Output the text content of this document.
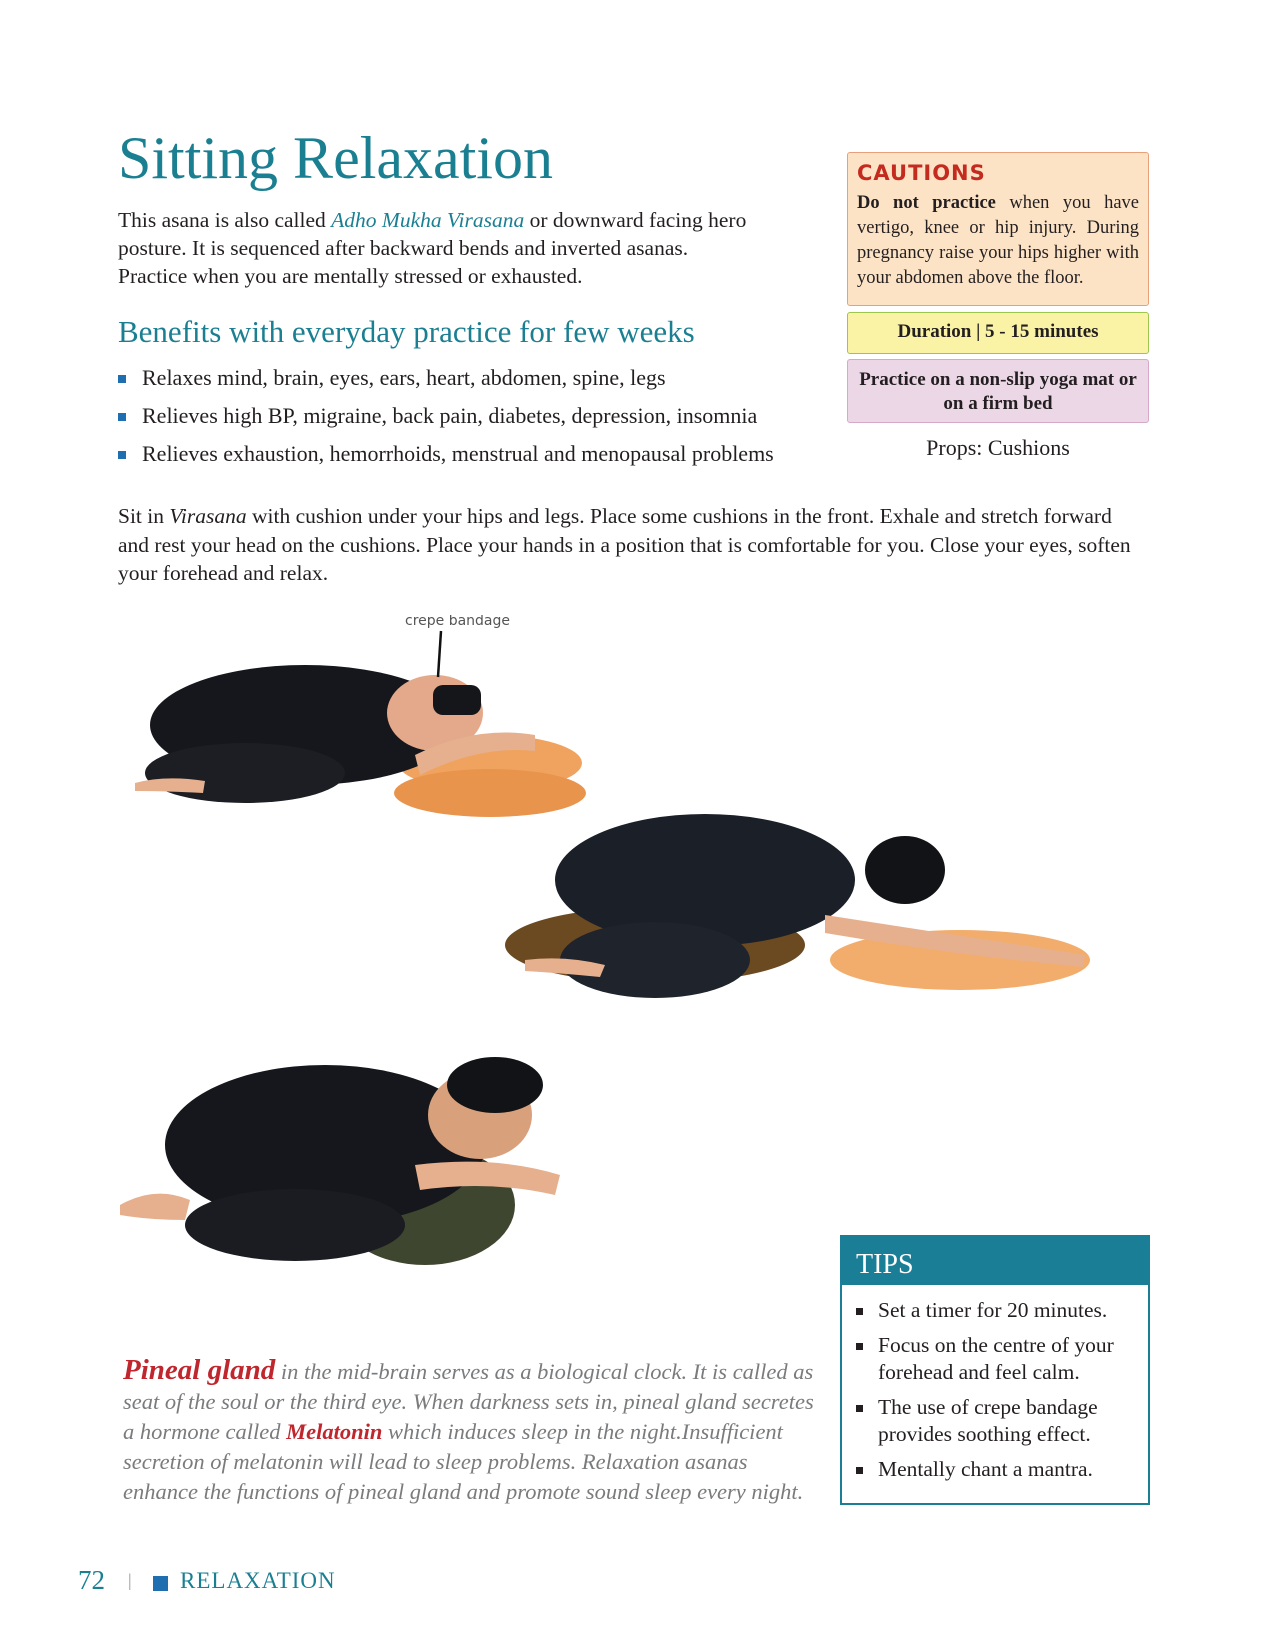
Sitting Relaxation
This asana is also called Adho Mukha Virasana or downward facing hero posture. It is sequenced after backward bends and inverted asanas. Practice when you are mentally stressed or exhausted.
Benefits with everyday practice for few weeks
Relaxes mind, brain, eyes, ears, heart, abdomen, spine, legs
Relieves high BP, migraine, back pain, diabetes, depression, insomnia
Relieves exhaustion, hemorrhoids, menstrual and menopausal problems
Sit in Virasana with cushion under your hips and legs. Place some cushions in the front. Exhale and stretch forward and rest your head on the cushions. Place your hands in a position that is comfortable for you. Close your eyes, soften your forehead and relax.
CAUTIONS
Do not practice when you have vertigo, knee or hip injury. During pregnancy raise your hips higher with your abdomen above the floor.
Duration | 5 - 15 minutes
Practice on a non-slip yoga mat or on a firm bed
Props: Cushions
crepe bandage
Pineal gland in the mid-brain serves as a biological clock. It is called as seat of the soul or the third eye. When darkness sets in, pineal gland secretes a hormone called Melatonin which induces sleep in the night.Insufficient secretion of melatonin will lead to sleep problems. Relaxation asanas enhance the functions of pineal gland and promote sound sleep every night.
TIPS
Set a timer for 20 minutes.
Focus on the centre of your forehead and feel calm.
The use of crepe bandage provides soothing effect.
Mentally chant a mantra.
72 | RELAXATION
